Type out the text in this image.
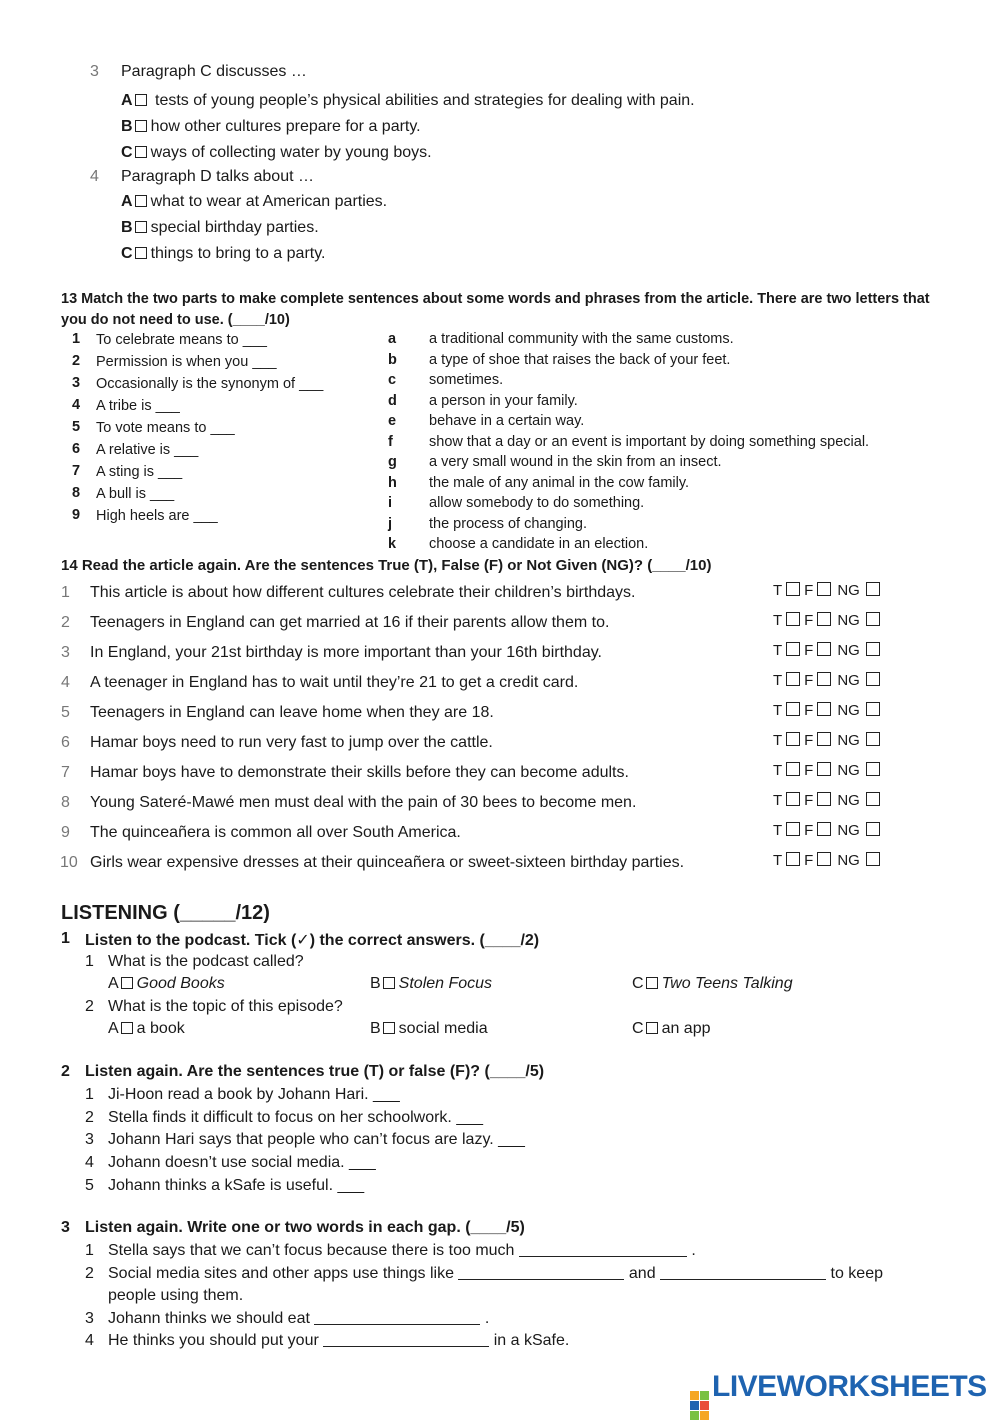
3 Paragraph C discusses …
A tests of young people’s physical abilities and strategies for dealing with pain.
B how other cultures prepare for a party.
C ways of collecting water by young boys.
4 Paragraph D talks about …
A what to wear at American parties.
B special birthday parties.
C things to bring to a party.
13 Match the two parts to make complete sentences about some words and phrases from the article. There are two letters that you do not need to use. (____/10)
1 To celebrate means to ___
2 Permission is when you ___
3 Occasionally is the synonym of ___
4 A tribe is ___
5 To vote means to ___
6 A relative is ___
7 A sting is ___
8 A bull is ___
9 High heels are ___
a a traditional community with the same customs.
b a type of shoe that raises the back of your feet.
c sometimes.
d a person in your family.
e behave in a certain way.
f show that a day or an event is important by doing something special.
g a very small wound in the skin from an insect.
h the male of any animal in the cow family.
i	allow somebody to do something.
j	the process of changing.
k choose a candidate in an election.
14 Read the article again. Are the sentences True (T), False (F) or Not Given (NG)? (____/10)
1 This article is about how different cultures celebrate their children’s birthdays.	T F NG
2 Teenagers in England can get married at 16 if their parents allow them to.	T F NG
3 In England, your 21st birthday is more important than your 16th birthday.	T F NG
4 A teenager in England has to wait until they’re 21 to get a credit card.	T F NG
5 Teenagers in England can leave home when they are 18.	T F NG
6 Hamar boys need to run very fast to jump over the cattle.	T F NG
7 Hamar boys have to demonstrate their skills before they can become adults.	T F NG
8 Young Sateré-Mawé men must deal with the pain of 30 bees to become men.	T F NG
9 The quinceañera is common all over South America.	T F NG
10 Girls wear expensive dresses at their quinceañera or sweet-sixteen birthday parties.	T F NG
LISTENING (_____/12)
1 Listen to the podcast. Tick (✓) the correct answers. (____/2)
1 What is the podcast called?
A Good Books	B Stolen Focus	C Two Teens Talking
2 What is the topic of this episode?
A a book	B social media	C an app
2 Listen again. Are the sentences true (T) or false (F)? (____/5)
1 Ji-Hoon read a book by Johann Hari. ___
2 Stella finds it difficult to focus on her schoolwork. ___
3 Johann Hari says that people who can’t focus are lazy. ___
4 Johann doesn’t use social media. ___
5 Johann thinks a kSafe is useful. ___
3 Listen again. Write one or two words in each gap. (____/5)
1 Stella says that we can’t focus because there is too much	.
2 Social media sites and other apps use things like	and	to keep
people using them.
3 Johann thinks we should eat	.
4 He thinks you should put your	in a kSafe.
LIVEWORKSHEETS
